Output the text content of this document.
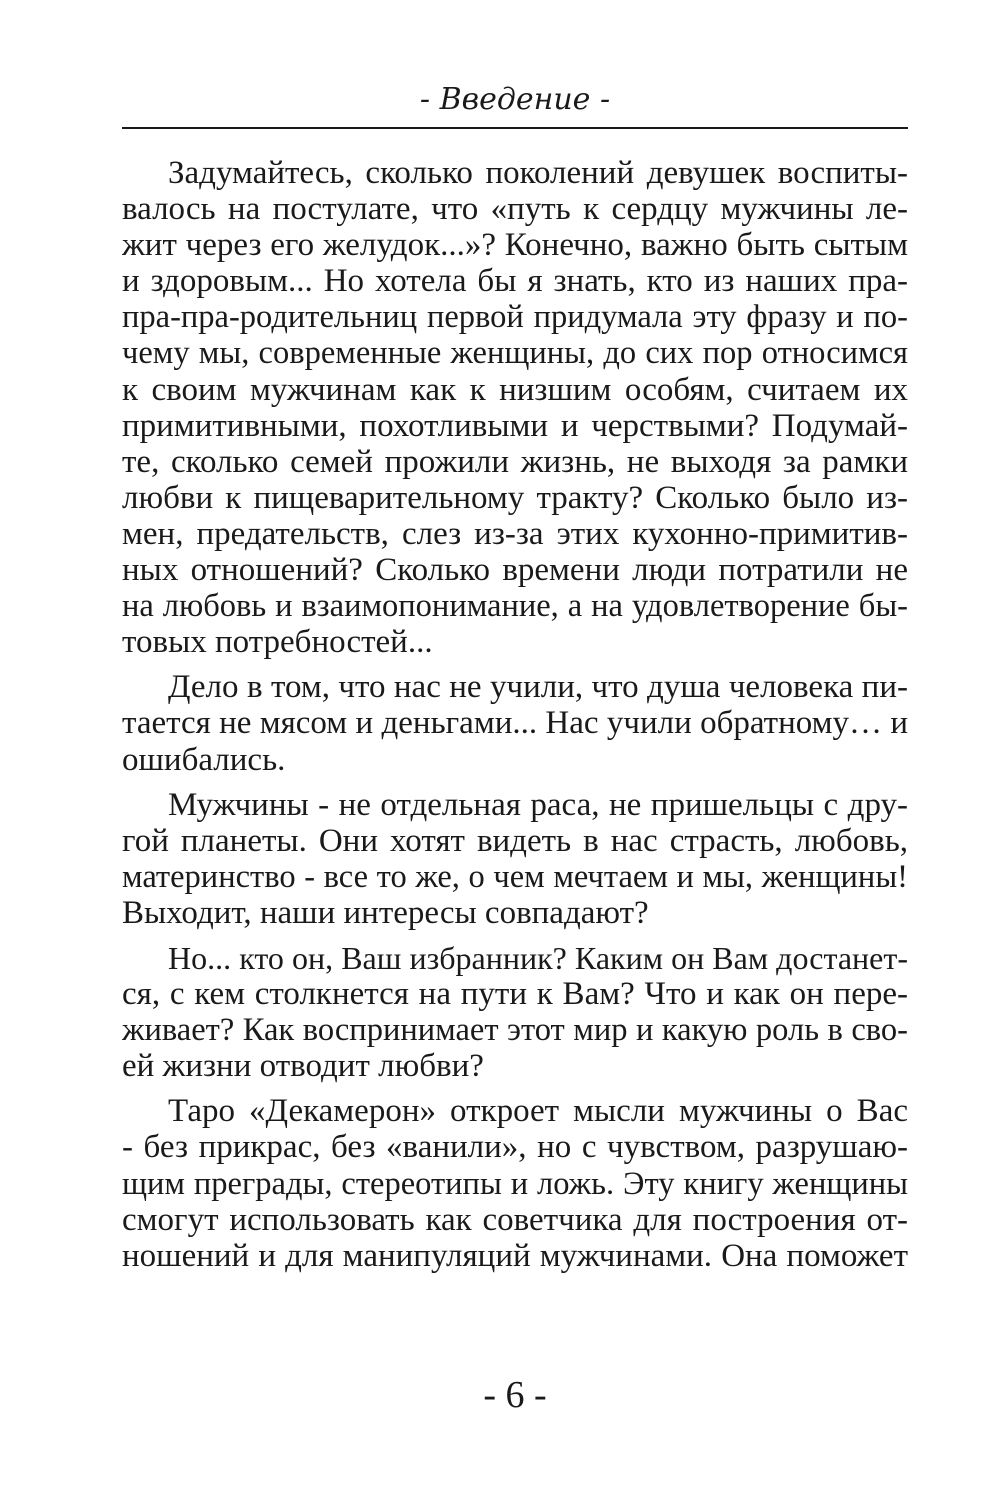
- Введение -
Задумайтесь, сколько поколений девушек воспиты-
валось на постулате, что «путь к сердцу мужчины ле-
жит через его желудок...»? Конечно, важно быть сытым
и здоровым... Но хотела бы я знать, кто из наших пра-
пра-пра-родительниц первой придумала эту фразу и по-
чему мы, современные женщины, до сих пор относимся
к своим мужчинам как к низшим особям, считаем их
примитивными, похотливыми и черствыми? Подумай-
те, сколько семей прожили жизнь, не выходя за рамки
любви к пищеварительному тракту? Сколько было из-
мен, предательств, слез из-за этих кухонно-примитив-
ных отношений? Сколько времени люди потратили не
на любовь и взаимопонимание, а на удовлетворение бы-
товых потребностей...
Дело в том, что нас не учили, что душа человека пи-
тается не мясом и деньгами... Нас учили обратному… и
ошибались.
Мужчины - не отдельная раса, не пришельцы с дру-
гой планеты. Они хотят видеть в нас страсть, любовь,
материнство - все то же, о чем мечтаем и мы, женщины!
Выходит, наши интересы совпадают?
Но... кто он, Ваш избранник? Каким он Вам достанет-
ся, с кем столкнется на пути к Вам? Что и как он пере-
живает? Как воспринимает этот мир и какую роль в сво-
ей жизни отводит любви?
Таро «Декамерон» откроет мысли мужчины о Вас
- без прикрас, без «ванили», но с чувством, разрушаю-
щим преграды, стереотипы и ложь. Эту книгу женщины
смогут использовать как советчика для построения от-
ношений и для манипуляций мужчинами. Она поможет
- 6 -
